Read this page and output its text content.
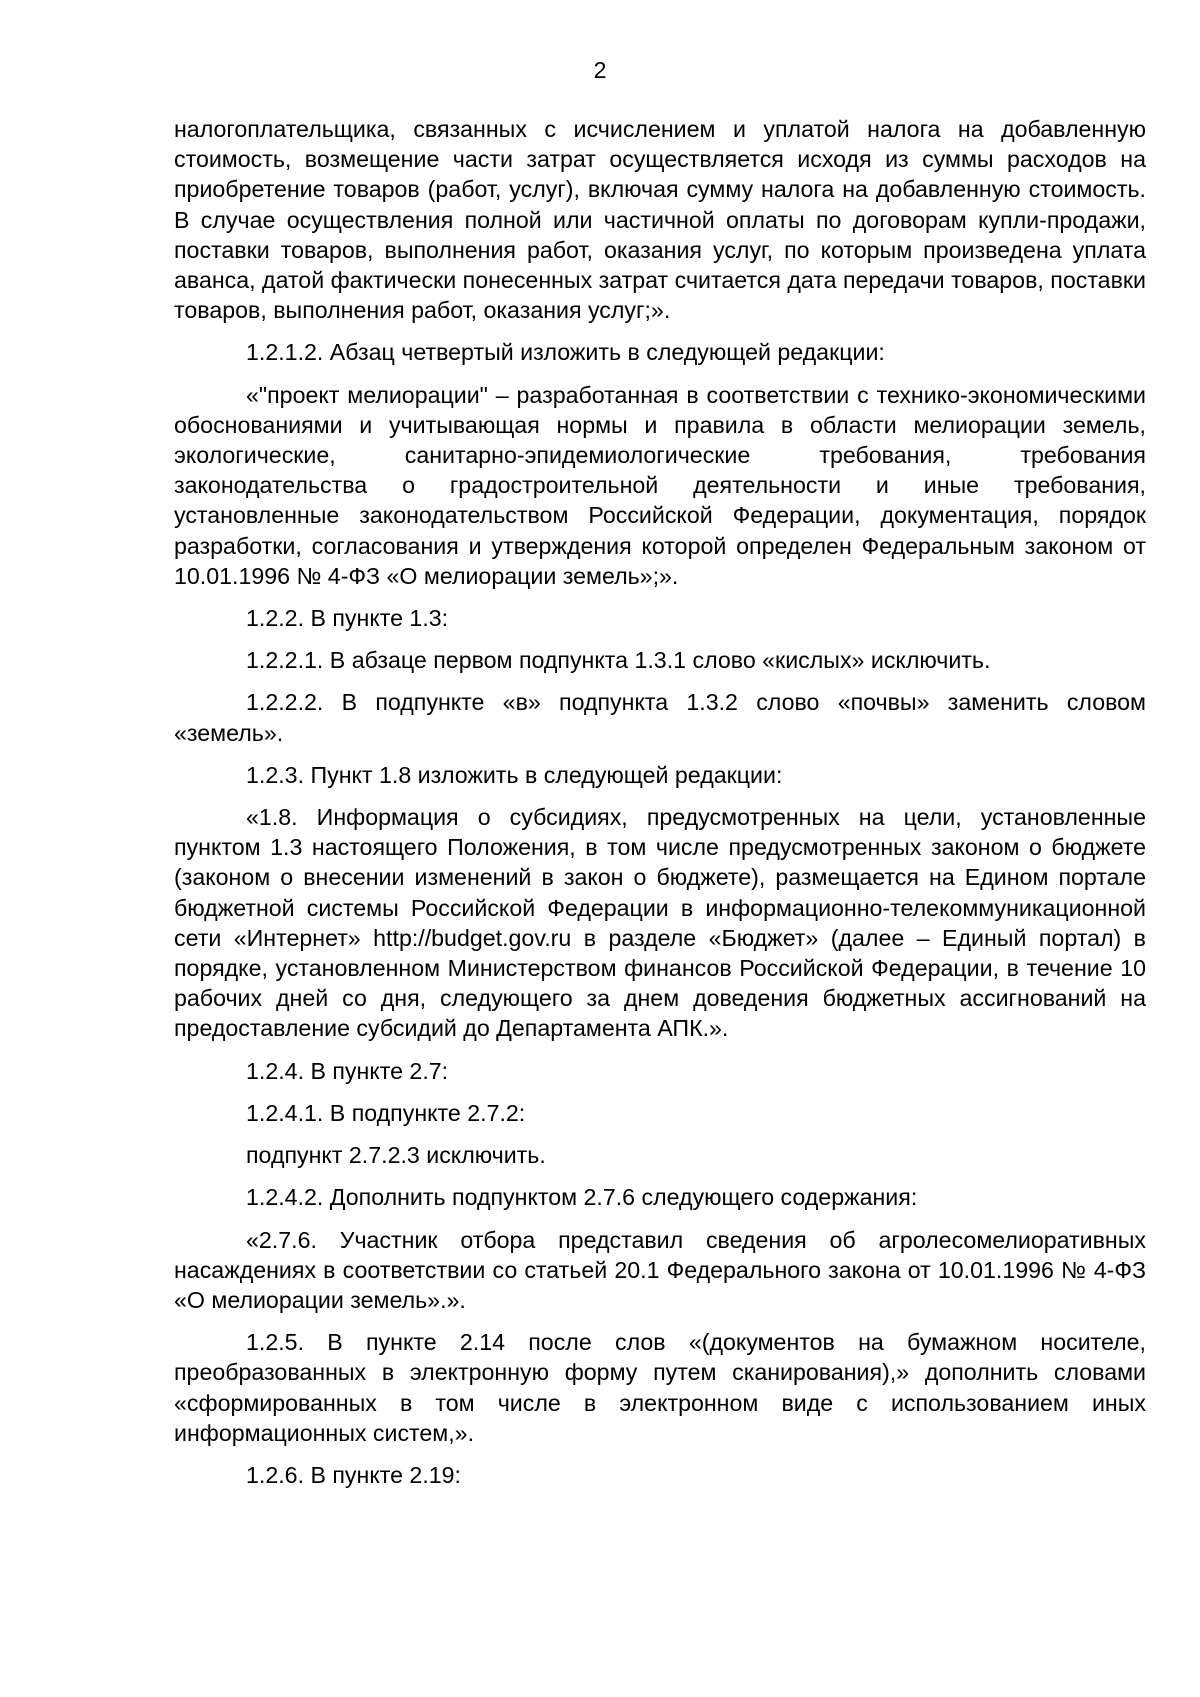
2

налогоплательщика, связанных с исчислением и уплатой налога на добавленную стоимость, возмещение части затрат осуществляется исходя из суммы расходов на приобретение товаров (работ, услуг), включая сумму налога на добавленную стоимость. В случае осуществления полной или частичной оплаты по договорам купли-продажи, поставки товаров, выполнения работ, оказания услуг, по которым произведена уплата аванса, датой фактически понесенных затрат считается дата передачи товаров, поставки товаров, выполнения работ, оказания услуг;».

1.2.1.2. Абзац четвертый изложить в следующей редакции:

«"проект мелиорации" – разработанная в соответствии с технико-экономическими обоснованиями и учитывающая нормы и правила в области мелиорации земель, экологические, санитарно-эпидемиологические требования, требования законодательства о градостроительной деятельности и иные требования, установленные законодательством Российской Федерации, документация, порядок разработки, согласования и утверждения которой определен Федеральным законом от 10.01.1996 № 4-ФЗ «О мелиорации земель»;».

1.2.2. В пункте 1.3:

1.2.2.1. В абзаце первом подпункта 1.3.1 слово «кислых» исключить.

1.2.2.2. В подпункте «в» подпункта 1.3.2 слово «почвы» заменить словом «земель».

1.2.3. Пункт 1.8 изложить в следующей редакции:

«1.8. Информация о субсидиях, предусмотренных на цели, установленные пунктом 1.3 настоящего Положения, в том числе предусмотренных законом о бюджете (законом о внесении изменений в закон о бюджете), размещается на Едином портале бюджетной системы Российской Федерации в информационно-телекоммуникационной сети «Интернет» http://budget.gov.ru в разделе «Бюджет» (далее – Единый портал) в порядке, установленном Министерством финансов Российской Федерации, в течение 10 рабочих дней со дня, следующего за днем доведения бюджетных ассигнований на предоставление субсидий до Департамента АПК.».

1.2.4. В пункте 2.7:

1.2.4.1. В подпункте 2.7.2:

подпункт 2.7.2.3 исключить.

1.2.4.2. Дополнить подпунктом 2.7.6 следующего содержания:

«2.7.6. Участник отбора представил сведения об агролесомелиоративных насаждениях в соответствии со статьей 20.1 Федерального закона от 10.01.1996 № 4-ФЗ «О мелиорации земель».».

1.2.5. В пункте 2.14 после слов «(документов на бумажном носителе, преобразованных в электронную форму путем сканирования),» дополнить словами «сформированных в том числе в электронном виде с использованием иных информационных систем,».

1.2.6. В пункте 2.19:
